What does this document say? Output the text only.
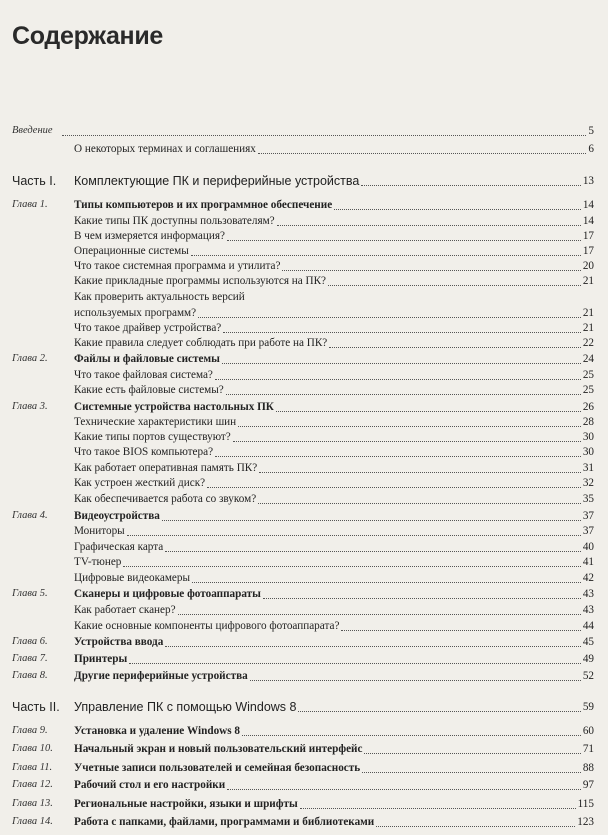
Содержание
Введение	5
О некоторых терминах и соглашениях	6
Часть I. Комплектующие ПК и периферийные устройства	13
Глава 1. Типы компьютеров и их программное обеспечение	14
Какие типы ПК доступны пользователям?	14
В чем измеряется информация?	17
Операционные системы	17
Что такое системная программа и утилита?	20
Какие прикладные программы используются на ПК?	21
Как проверить актуальность версий
используемых программ?	21
Что такое драйвер устройства?	21
Какие правила следует соблюдать при работе на ПК?	22
Глава 2. Файлы и файловые системы	24
Что такое файловая система?	25
Какие есть файловые системы?	25
Глава 3. Системные устройства настольных ПК	26
Технические характеристики шин	28
Какие типы портов существуют?	30
Что такое BIOS компьютера?	30
Как работает оперативная память ПК?	31
Как устроен жесткий диск?	32
Как обеспечивается работа со звуком?	35
Глава 4. Видеоустройства	37
Мониторы	37
Графическая карта	40
TV-тюнер	41
Цифровые видеокамеры	42
Глава 5. Сканеры и цифровые фотоаппараты	43
Как работает сканер?	43
Какие основные компоненты цифрового фотоаппарата?	44
Глава 6. Устройства ввода	45
Глава 7. Принтеры	49
Глава 8. Другие периферийные устройства	52
Часть II. Управление ПК с помощью Windows 8	59
Глава 9. Установка и удаление Windows 8	60
Глава 10. Начальный экран и новый пользовательский интерфейс	71
Глава 11. Учетные записи пользователей и семейная безопасность	88
Глава 12. Рабочий стол и его настройки	97
Глава 13. Региональные настройки, языки и шрифты	115
Глава 14. Работа с папками, файлами, программами и библиотеками	123
